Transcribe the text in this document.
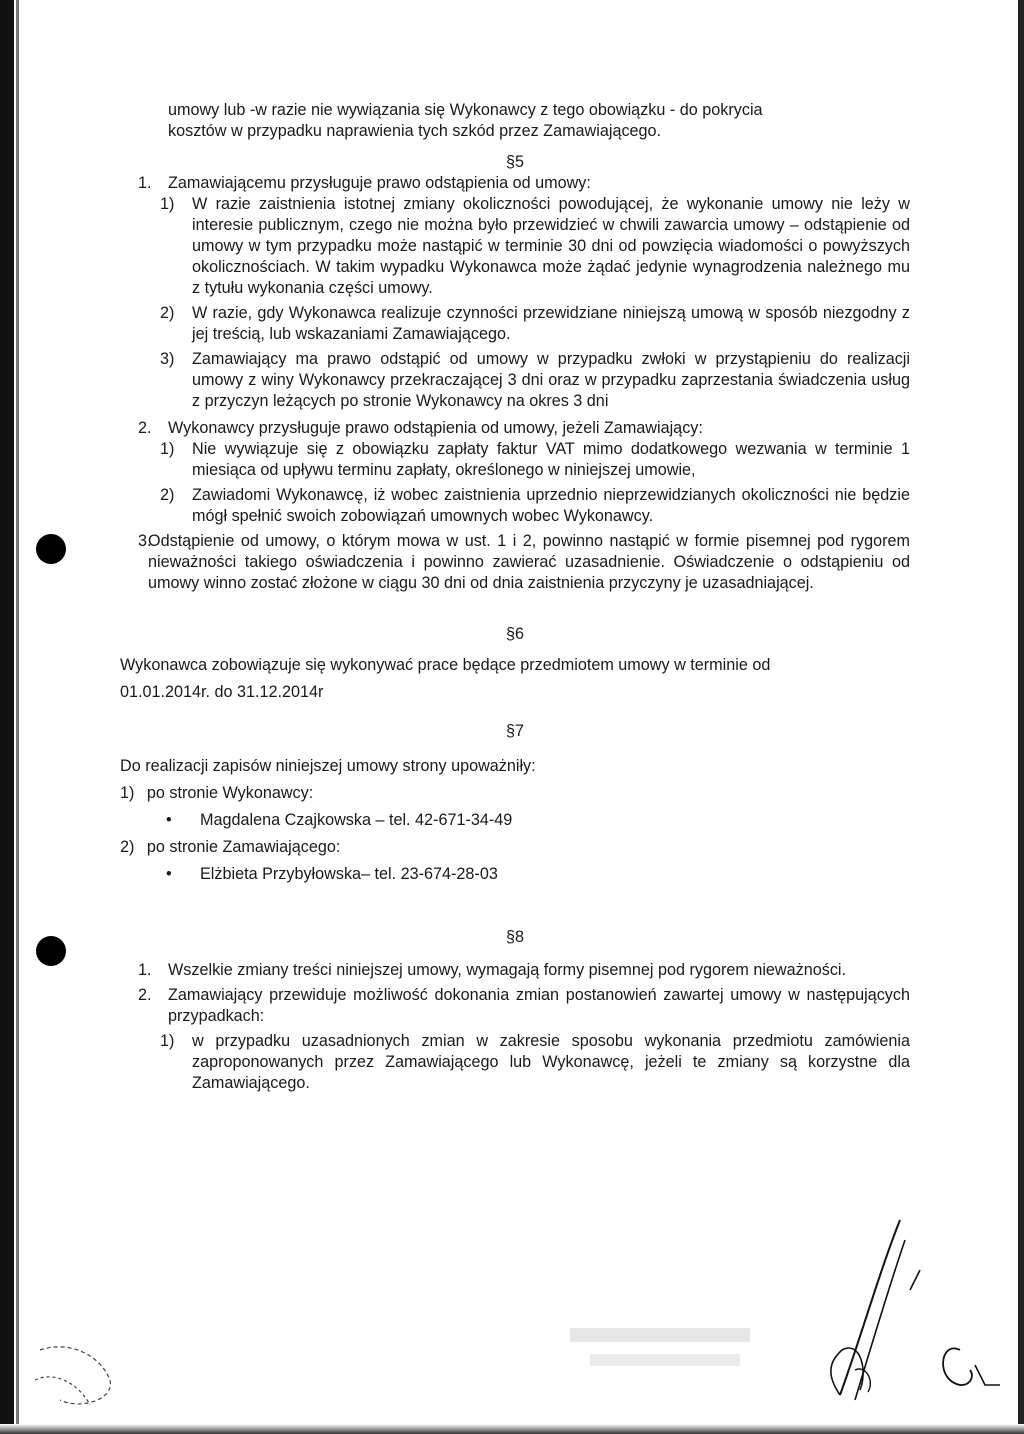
umowy lub -w razie nie wywiązania się Wykonawcy z tego obowiązku - do pokrycia

kosztów w przypadku naprawienia tych szkód przez Zamawiającego.

§5

1.	Zamawiającemu przysługuje prawo odstąpienia od umowy:

1)	W razie zaistnienia istotnej zmiany okoliczności powodującej, że wykonanie umowy nie leży w interesie publicznym, czego nie można było przewidzieć w chwili zawarcia umowy – odstąpienie od umowy w tym przypadku może nastąpić w terminie 30 dni od powzięcia wiadomości o powyższych okolicznościach. W takim wypadku Wykonawca może żądać jedynie wynagrodzenia należnego mu z tytułu wykonania części umowy.

2)	W razie, gdy Wykonawca realizuje czynności przewidziane niniejszą umową w sposób niezgodny z jej treścią, lub wskazaniami Zamawiającego.

3)	Zamawiający ma prawo odstąpić od umowy w przypadku zwłoki w przystąpieniu do realizacji umowy z winy Wykonawcy przekraczającej 3 dni oraz w przypadku zaprzestania świadczenia usług z przyczyn leżących po stronie Wykonawcy na okres 3 dni

2.	Wykonawcy przysługuje prawo odstąpienia od umowy, jeżeli Zamawiający:

1)	Nie wywiązuje się z obowiązku zapłaty faktur VAT mimo dodatkowego wezwania w terminie 1 miesiąca od upływu terminu zapłaty, określonego w niniejszej umowie,

2)	Zawiadomi Wykonawcę, iż wobec zaistnienia uprzednio nieprzewidzianych okoliczności nie będzie mógł spełnić swoich zobowiązań umownych wobec Wykonawcy.

3.

Odstąpienie od umowy, o którym mowa w ust. 1 i 2, powinno nastąpić w formie pisemnej pod rygorem nieważności takiego oświadczenia i powinno zawierać uzasadnienie. Oświadczenie o odstąpieniu od umowy winno zostać złożone w ciągu 30 dni od dnia zaistnienia przyczyny je uzasadniającej.

§6

Wykonawca zobowiązuje się wykonywać prace będące przedmiotem umowy w terminie od

01.01.2014r. do 31.12.2014r

§7

Do realizacji zapisów niniejszej umowy strony upoważniły:

1) po stronie Wykonawcy:
• Magdalena Czajkowska – tel. 42-671-34-49
2) po stronie Zamawiającego:
• Elżbieta Przybyłowska– tel. 23-674-28-03

§8

1.	Wszelkie zmiany treści niniejszej umowy, wymagają formy pisemnej pod rygorem nieważności.

2.	Zamawiający przewiduje możliwość dokonania zmian postanowień zawartej umowy w następujących przypadkach:

1)	w przypadku uzasadnionych zmian w zakresie sposobu wykonania przedmiotu zamówienia zaproponowanych przez Zamawiającego lub Wykonawcę, jeżeli te zmiany są korzystne dla Zamawiającego.
